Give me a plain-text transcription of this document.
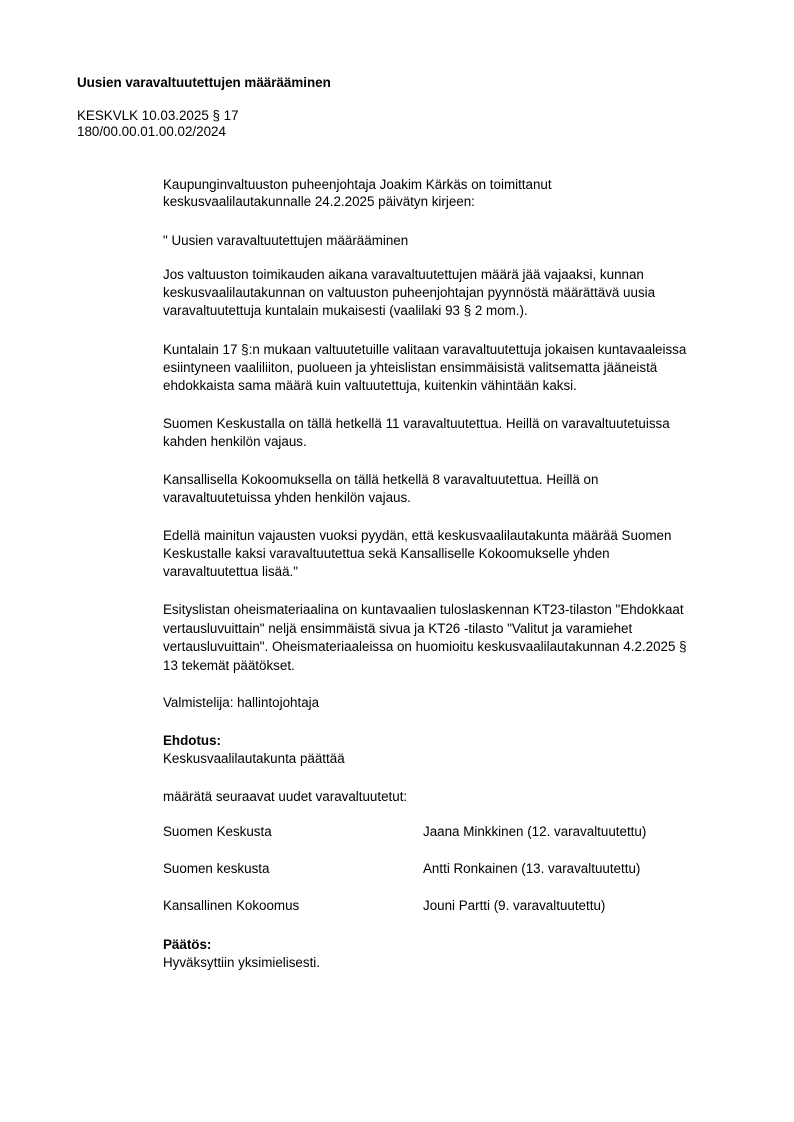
Uusien varavaltuutettujen määrääminen
KESKVLK 10.03.2025 § 17
180/00.00.01.00.02/2024
Kaupunginvaltuuston puheenjohtaja Joakim Kärkäs on toimittanut
keskusvaalilautakunnalle 24.2.2025 päivätyn kirjeen:
" Uusien varavaltuutettujen määrääminen
Jos valtuuston toimikauden aikana varavaltuutettujen määrä jää vajaaksi, kunnan
keskusvaalilautakunnan on valtuuston puheenjohtajan pyynnöstä määrättävä uusia
varavaltuutettuja kuntalain mukaisesti (vaalilaki 93 § 2 mom.).
Kuntalain 17 §:n mukaan valtuutetuille valitaan varavaltuutettuja jokaisen kuntavaaleissa
esiintyneen vaaliliiton, puolueen ja yhteislistan ensimmäisistä valitsematta jääneistä
ehdokkaista sama määrä kuin valtuutettuja, kuitenkin vähintään kaksi.
Suomen Keskustalla on tällä hetkellä 11 varavaltuutettua. Heillä on varavaltuutetuissa
kahden henkilön vajaus.
Kansallisella Kokoomuksella on tällä hetkellä 8 varavaltuutettua. Heillä on
varavaltuutetuissa yhden henkilön vajaus.
Edellä mainitun vajausten vuoksi pyydän, että keskusvaalilautakunta määrää Suomen
Keskustalle kaksi varavaltuutettua sekä Kansalliselle Kokoomukselle yhden
varavaltuutettua lisää."
Esityslistan oheismateriaalina on kuntavaalien tuloslaskennan KT23-tilaston "Ehdokkaat
vertausluvuittain" neljä ensimmäistä sivua ja KT26 -tilasto "Valitut ja varamiehet
vertausluvuittain". Oheismateriaaleissa on huomioitu keskusvaalilautakunnan 4.2.2025 §
13 tekemät päätökset.
Valmistelija: hallintojohtaja
Ehdotus:
Keskusvaalilautakunta päättää
määrätä seuraavat uudet varavaltuutetut:
Suomen Keskusta	Jaana Minkkinen (12. varavaltuutettu)
Suomen keskusta	Antti Ronkainen (13. varavaltuutettu)
Kansallinen Kokoomus	Jouni Partti (9. varavaltuutettu)
Päätös:
Hyväksyttiin yksimielisesti.
